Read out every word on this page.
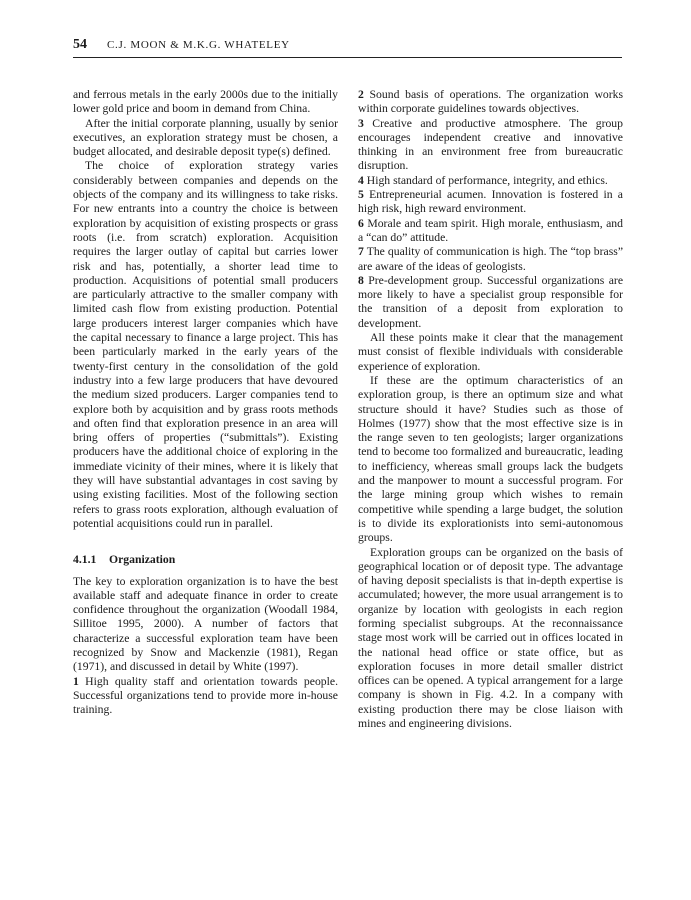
54 C.J. MOON & M.K.G. WHATELEY

and ferrous metals in the early 2000s due to the initially lower gold price and boom in demand from China.

After the initial corporate planning, usually by senior executives, an exploration strategy must be chosen, a budget allocated, and desirable deposit type(s) defined.

The choice of exploration strategy varies considerably between companies and depends on the objects of the company and its willingness to take risks. For new entrants into a country the choice is between exploration by acquisition of existing prospects or grass roots (i.e. from scratch) exploration. Acquisition requires the larger outlay of capital but carries lower risk and has, potentially, a shorter lead time to production. Acquisitions of potential small producers are particularly attractive to the smaller company with limited cash flow from existing production. Potential large producers interest larger companies which have the capital necessary to finance a large project. This has been particularly marked in the early years of the twenty-first century in the consolidation of the gold industry into a few large producers that have devoured the medium sized producers. Larger companies tend to explore both by acquisition and by grass roots methods and often find that exploration presence in an area will bring offers of properties (“submittals”). Existing producers have the additional choice of exploring in the immediate vicinity of their mines, where it is likely that they will have substantial advantages in cost saving by using existing facilities. Most of the following section refers to grass roots exploration, although evaluation of potential acquisitions could run in parallel.

4.1.1 Organization

The key to exploration organization is to have the best available staff and adequate finance in order to create confidence throughout the organization (Woodall 1984, Sillitoe 1995, 2000). A number of factors that characterize a successful exploration team have been recognized by Snow and Mackenzie (1981), Regan (1971), and discussed in detail by White (1997).

1 High quality staff and orientation towards people. Successful organizations tend to provide more in-house training.

2 Sound basis of operations. The organization works within corporate guidelines towards objectives.

3 Creative and productive atmosphere. The group encourages independent creative and innovative thinking in an environment free from bureaucratic disruption.

4 High standard of performance, integrity, and ethics.

5 Entrepreneurial acumen. Innovation is fostered in a high risk, high reward environment.

6 Morale and team spirit. High morale, enthusiasm, and a “can do” attitude.

7 The quality of communication is high. The “top brass” are aware of the ideas of geologists.

8 Pre-development group. Successful organizations are more likely to have a specialist group responsible for the transition of a deposit from exploration to development.

All these points make it clear that the management must consist of flexible individuals with considerable experience of exploration.

If these are the optimum characteristics of an exploration group, is there an optimum size and what structure should it have? Studies such as those of Holmes (1977) show that the most effective size is in the range seven to ten geologists; larger organizations tend to become too formalized and bureaucratic, leading to inefficiency, whereas small groups lack the budgets and the manpower to mount a successful program. For the large mining group which wishes to remain competitive while spending a large budget, the solution is to divide its explorationists into semi-autonomous groups.

Exploration groups can be organized on the basis of geographical location or of deposit type. The advantage of having deposit specialists is that in-depth expertise is accumulated; however, the more usual arrangement is to organize by location with geologists in each region forming specialist subgroups. At the reconnaissance stage most work will be carried out in offices located in the national head office or state office, but as exploration focuses in more detail smaller district offices can be opened. A typical arrangement for a large company is shown in Fig. 4.2. In a company with existing production there may be close liaison with mines and engineering divisions.
